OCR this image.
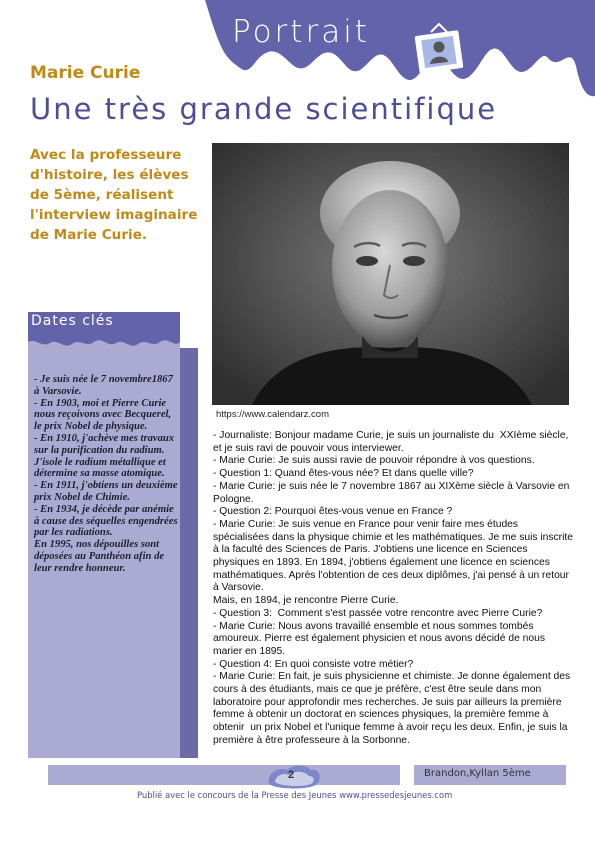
Portrait
Marie Curie
Une très grande scientifique
Avec la professeure d'histoire, les élèves de 5ème, réalisent l'interview imaginaire de Marie Curie.
https://www.calendarz.com
Dates clés
- Je suis née le 7 novembre1867 à Varsovie.
- En 1903, moi et Pierre Curie nous reçoivons avec Becquerel, le prix Nobel de physique.
- En 1910, j'achève mes travaux sur la purification du radium. J'isole le radium métallique et détermine sa masse atomique.
- En 1911, j'obtiens un deuxième prix Nobel de Chimie.
- En 1934, je décède par anémie à cause des séquelles engendrées par les radiations.
En 1995, nos dépouilles sont déposées au Panthéon afin de leur rendre honneur.
- Journaliste: Bonjour madame Curie, je suis un journaliste du  XXIème siècle, et je suis ravi de pouvoir vous interviewer.
- Marie Curie: Je suis aussi ravie de pouvoir répondre à vos questions.
- Question 1: Quand êtes-vous née? Et dans quelle ville?
- Marie Curie: je suis née le 7 novembre 1867 au XIXème siècle à Varsovie en Pologne.
- Question 2: Pourquoi êtes-vous venue en France ?
- Marie Curie: Je suis venue en France pour venir faire mes études spécialisées dans la physique chimie et les mathématiques. Je me suis inscrite à la faculté des Sciences de Paris. J'obtiens une licence en Sciences physiques en 1893. En 1894, j'obtiens également une licence en sciences mathématiques. Après l'obtention de ces deux diplômes, j'ai pensé à un retour à Varsovie.
Mais, en 1894, je rencontre Pierre Curie.
- Question 3:  Comment s'est passée votre rencontre avec Pierre Curie?
- Marie Curie: Nous avons travaillé ensemble et nous sommes tombés amoureux. Pierre est également physicien et nous avons décidé de nous marier en 1895.
- Question 4: En quoi consiste votre métier?
- Marie Curie: En fait, je suis physicienne et chimiste. Je donne également des cours à des étudiants, mais ce que je préfère, c'est être seule dans mon laboratoire pour approfondir mes recherches. Je suis par ailleurs la première femme à obtenir un doctorat en sciences physiques, la première femme à obtenir  un prix Nobel et l'unique femme à avoir reçu les deux. Enfin, je suis la première à être professeure à la Sorbonne.
2	Brandon,Kyllan 5ème
Publié avec le concours de la Presse des Jeunes www.pressedesjeunes.com
